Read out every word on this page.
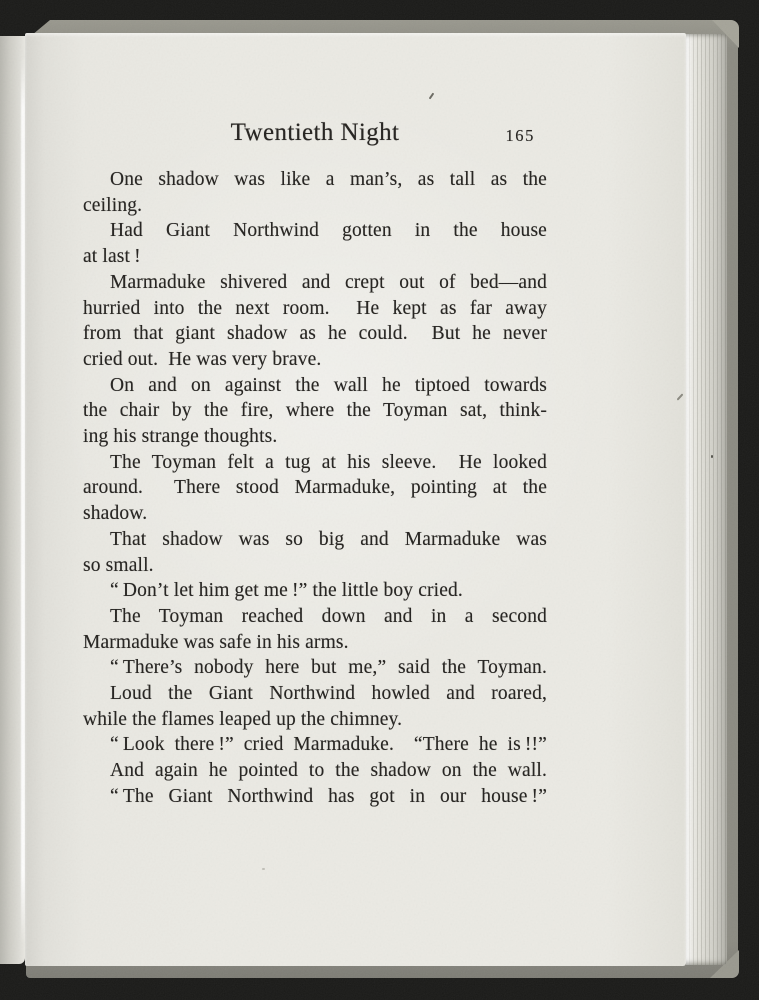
Twentieth Night	165
One shadow was like a man’s, as tall as the
ceiling.
Had Giant Northwind gotten in the house
at last !
Marmaduke shivered and crept out of bed—and
hurried into the next room.  He kept as far away
from that giant shadow as he could.  But he never
cried out.  He was very brave.
On and on against the wall he tiptoed towards
the chair by the fire, where the Toyman sat, think-
ing his strange thoughts.
The Toyman felt a tug at his sleeve.  He looked
around.  There stood Marmaduke, pointing at the
shadow.
That shadow was so big and Marmaduke was
so small.
“ Don’t let him get me !” the little boy cried.
The Toyman reached down and in a second
Marmaduke was safe in his arms.
“ There’s nobody here but me,” said the Toyman.
Loud the Giant Northwind howled and roared,
while the flames leaped up the chimney.
“ Look there !” cried Marmaduke.  “There he is !!”
And again he pointed to the shadow on the wall.
“ The Giant Northwind has got in our house !”
